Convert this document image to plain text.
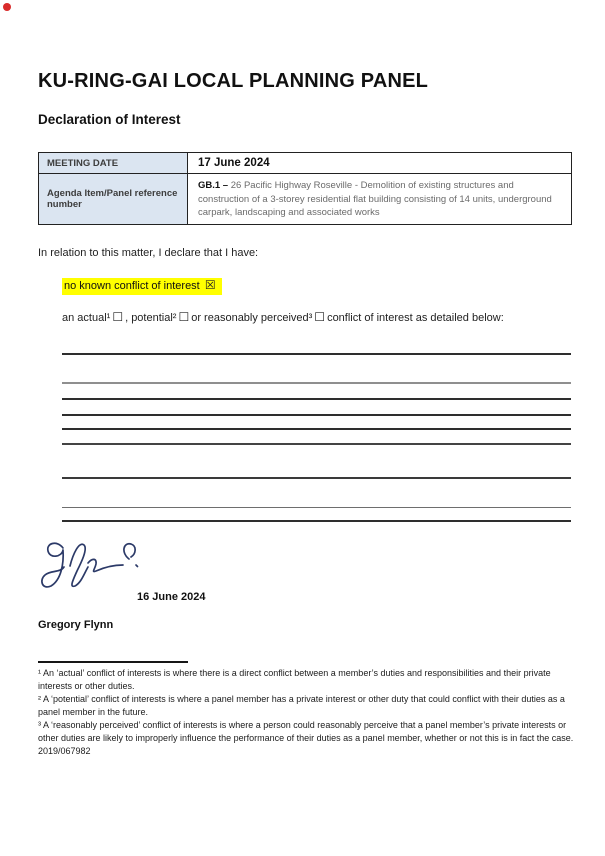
KU-RING-GAI LOCAL PLANNING PANEL
Declaration of Interest
MEETING DATE	17 June 2024
Agenda Item/Panel reference number	GB.1 – 26 Pacific Highway Roseville - Demolition of existing structures and construction of a 3-storey residential flat building consisting of 14 units, underground carpark, landscaping and associated works

In relation to this matter, I declare that I have:

no known conflict of interest ☒
an actual¹ ☐ , potential² ☐ or reasonably perceived³ ☐ conflict of interest as detailed below:
16 June 2024
Gregory Flynn

¹ An ‘actual’ conflict of interests is where there is a direct conflict between a member’s duties and responsibilities and their private interests or other duties.

² A ‘potential’ conflict of interests is where a panel member has a private interest or other duty that could conflict with their duties as a panel member in the future.

³ A ‘reasonably perceived’ conflict of interests is where a person could reasonably perceive that a panel member’s private interests or other duties are likely to improperly influence the performance of their duties as a panel member, whether or not this is in fact the case.

2019/067982
